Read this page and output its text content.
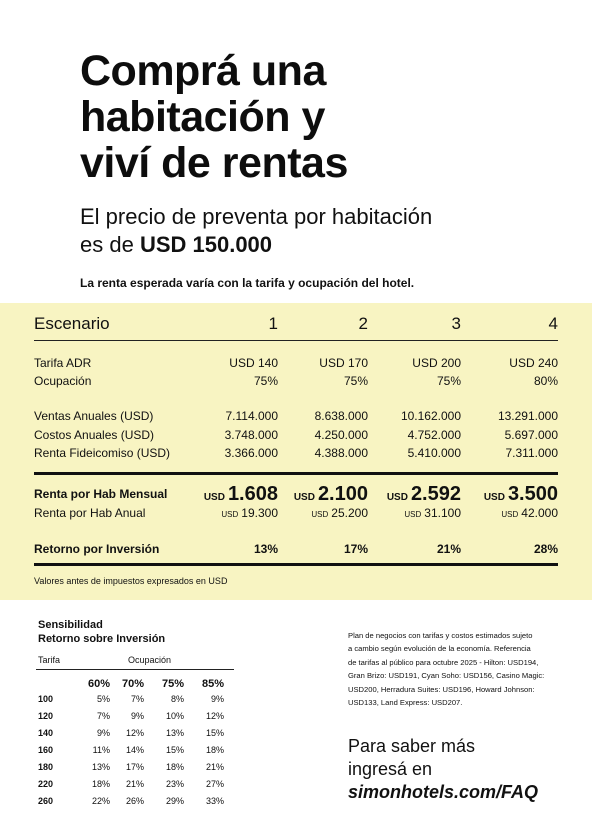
Comprá una
habitación y
viví de rentas
El precio de preventa por habitación
es de USD 150.000
La renta esperada varía con la tarifa y ocupación del hotel.
Escenario	1	2	3	4
Tarifa ADR	USD 140	USD 170	USD 200	USD 240
Ocupación	75%	75%	75%	80%
Ventas Anuales (USD)	7.114.000	8.638.000	10.162.000	13.291.000
Costos Anuales (USD)	3.748.000	4.250.000	4.752.000	5.697.000
Renta Fideicomiso (USD)	3.366.000	4.388.000	5.410.000	7.311.000
Renta por Hab Mensual	USD 1.608 USD 2.100 USD 2.592 USD 3.500
Renta por Hab Anual	USD 19.300	USD 25.200	USD 31.100	USD 42.000
Retorno por Inversión	13%	17%	21%	28%
Valores antes de impuestos expresados en USD
Sensibilidad
Retorno sobre Inversión
Tarifa	Ocupación
60% 70% 75% 85%
100	5% 7%	8%	9%
120	7% 9% 10% 12%
140	9% 12% 13% 15%
160	11% 14% 15% 18%
180	13% 17% 18% 21%
220	18% 21% 23% 27%
260	22% 26% 29% 33%
Plan de negocios con tarifas y costos estimados sujeto
a cambio según evolución de la economía. Referencia
de tarifas al público para octubre 2025 - Hilton: USD194,
Gran Brizo: USD191, Cyan Soho: USD156, Casino Magic:
USD200, Herradura Suites: USD196, Howard Johnson:
USD133, Land Express: USD207.
Para saber más
ingresá en
simonhotels.com/FAQ
